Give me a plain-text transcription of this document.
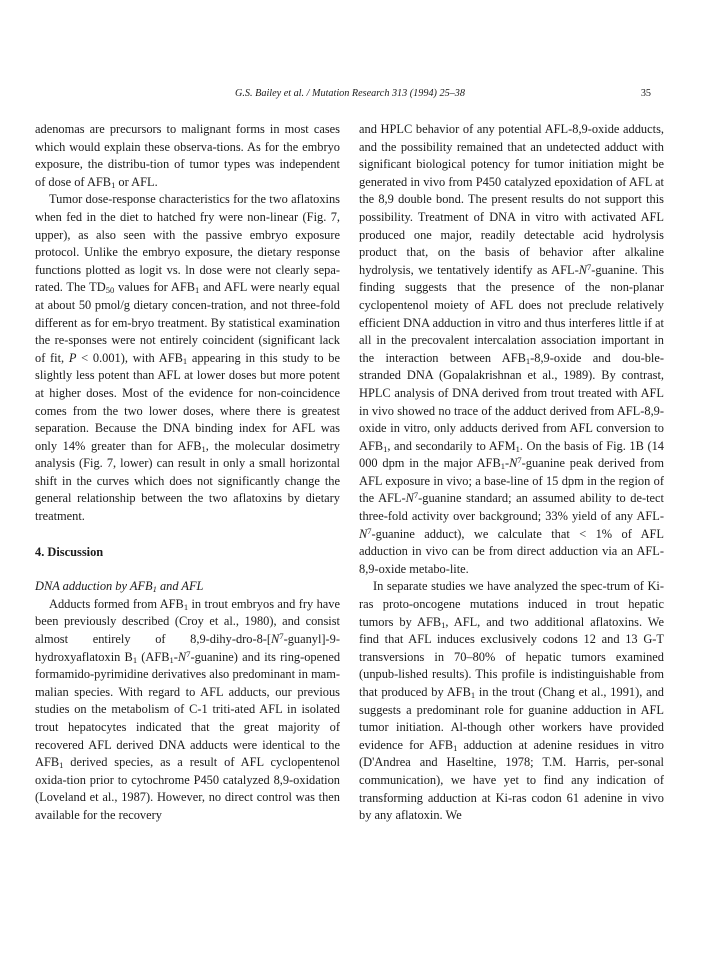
G.S. Bailey et al. / Mutation Research 313 (1994) 25–38	35

adenomas are precursors to malignant forms in most cases which would explain these observa-tions. As for the embryo exposure, the distribu-tion of tumor types was independent of dose of $AFB_1$ or AFL.

Tumor dose-response characteristics for the two aflatoxins when fed in the diet to hatched fry were non-linear (Fig. 7, upper), as also seen with the passive embryo exposure protocol. Unlike the embryo exposure, the dietary response functions plotted as logit vs. ln dose were not clearly sepa-rated. The $TD_{50}$ values for $AFB_1$ and AFL were nearly equal at about 50 pmol/g dietary concen-tration, and not three-fold different as for em-bryo treatment. By statistical examination the re-sponses were not entirely coincident (significant lack of fit, P < 0.001), with $AFB_1$ appearing in this study to be slightly less potent than AFL at lower doses but more potent at higher doses. Most of the evidence for non-coincidence comes from the two lower doses, where there is greatest separation. Because the DNA binding index for AFL was only 14% greater than for $AFB_1$, the molecular dosimetry analysis (Fig. 7, lower) can result in only a small horizontal shift in the curves which does not significantly change the general relationship between the two aflatoxins by dietary treatment.

4. Discussion

DNA adduction by $AFB_1$ and AFL

Adducts formed from $AFB_1$ in trout embryos and fry have been previously described (Croy et al., 1980), and consist almost entirely of $8,9-dihy-dro-8-[N^7-guanyl]-9$-hydroxyaflatoxin $B_1$ $(AFB_1-N^7-guanine)$ and its ring-opened formamido-pyrimidine derivatives also predominant in mam-malian species. With regard to AFL adducts, our previous studies on the metabolism of C-1 triti-ated AFL in isolated trout hepatocytes indicated that the great majority of recovered AFL derived DNA adducts were identical to the $AFB_1$ derived species, as a result of AFL cyclopentenol oxida-tion prior to cytochrome P450 catalyzed 8,9-oxidation (Loveland et al., 1987). However, no direct control was then available for the recovery

and HPLC behavior of any potential AFL-8,9-oxide adducts, and the possibility remained that an undetected adduct with significant biological potency for tumor initiation might be generated in vivo from P450 catalyzed epoxidation of AFL at the 8,9 double bond. The present results do not support this possibility. Treatment of DNA in vitro with activated AFL produced one major, readily detectable acid hydrolysis product that, on the basis of behavior after alkaline hydrolysis, we tentatively identify as AFL-$N^7$-guanine. This finding suggests that the presence of the non-planar cyclopentenol moiety of AFL does not preclude relatively efficient DNA adduction in vitro and thus interferes little if at all in the precovalent intercalation association important in the interaction between $AFB_1-8,9$-oxide and dou-ble-stranded DNA (Gopalakrishnan et al., 1989). By contrast, HPLC analysis of DNA derived from trout treated with AFL in vivo showed no trace of the adduct derived from AFL-8,9-oxide in vitro, only adducts derived from AFL conversion to $AFB_1$, and secondarily to $AFM_1$. On the basis of Fig. 1B (14 000 dpm in the major $AFB_1-N^7$-guanine peak derived from AFL exposure in vivo; a base-line of 15 dpm in the region of the AFL-$N^7$-guanine standard; an assumed ability to de-tect three-fold activity over background; 33% yield of any AFL-$N^7$-guanine adduct), we calculate that < 1% of AFL adduction in vivo can be from direct adduction via an AFL-8,9-oxide metabo-lite.

In separate studies we have analyzed the spec-trum of Ki-ras proto-oncogene mutations induced in trout hepatic tumors by $AFB_1$, AFL, and two additional aflatoxins. We find that AFL induces exclusively codons 12 and 13 G-T transversions in 70–80% of hepatic tumors examined (unpub-lished results). This profile is indistinguishable from that produced by $AFB_1$ in the trout (Chang et al., 1991), and suggests a predominant role for guanine adduction in AFL tumor initiation. Al-though other workers have provided evidence for $AFB_1$ adduction at adenine residues in vitro (D'Andrea and Haseltine, 1978; T.M. Harris, per-sonal communication), we have yet to find any indication of transforming adduction at Ki-ras codon 61 adenine in vivo by any aflatoxin. We
